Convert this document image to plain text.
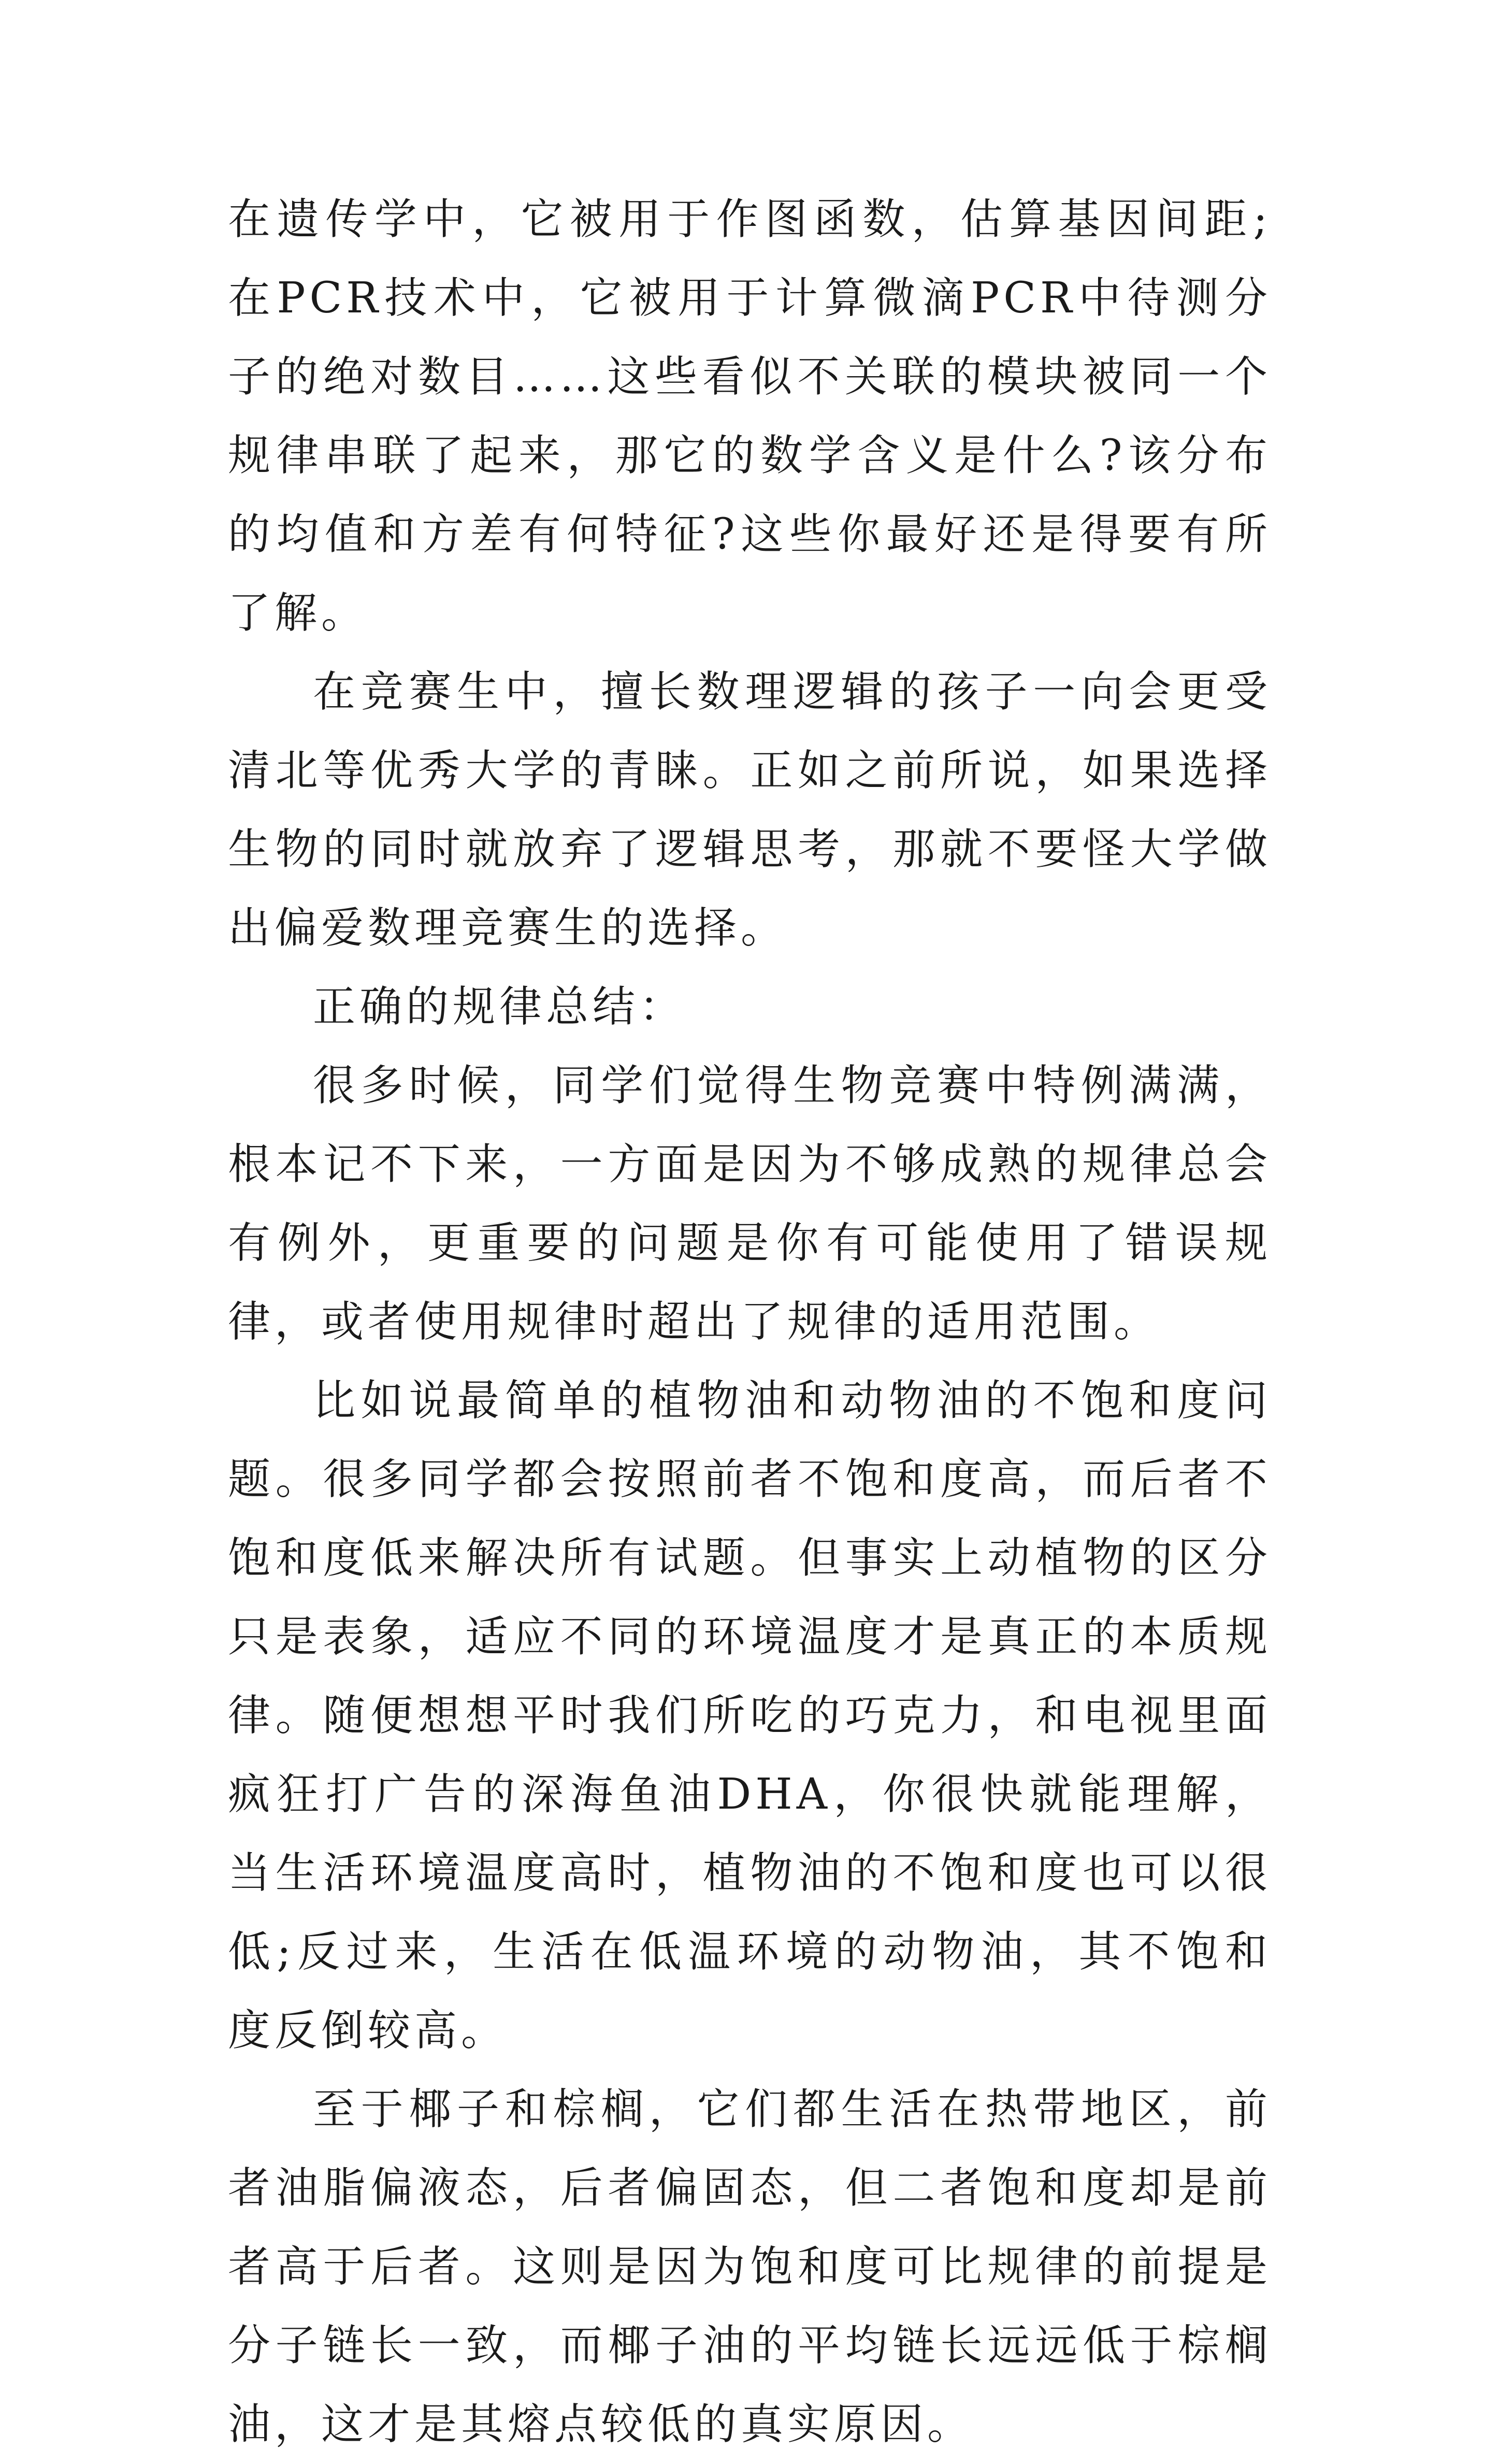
在遗传学中，它被用于作图函数，估算基因间距;在PCR技术中，它被用于计算微滴PCR中待测分子的绝对数目……这些看似不关联的模块被同一个规律串联了起来，那它的数学含义是什么?该分布的均值和方差有何特征?这些你最好还是得要有所了解。

在竞赛生中，擅长数理逻辑的孩子一向会更受清北等优秀大学的青睐。正如之前所说，如果选择生物的同时就放弃了逻辑思考，那就不要怪大学做出偏爱数理竞赛生的选择。

正确的规律总结：

很多时候，同学们觉得生物竞赛中特例满满，根本记不下来，一方面是因为不够成熟的规律总会有例外，更重要的问题是你有可能使用了错误规律，或者使用规律时超出了规律的适用范围。

比如说最简单的植物油和动物油的不饱和度问题。很多同学都会按照前者不饱和度高，而后者不饱和度低来解决所有试题。但事实上动植物的区分只是表象，适应不同的环境温度才是真正的本质规律。随便想想平时我们所吃的巧克力，和电视里面疯狂打广告的深海鱼油DHA，你很快就能理解，当生活环境温度高时，植物油的不饱和度也可以很低;反过来，生活在低温环境的动物油，其不饱和度反倒较高。

至于椰子和棕榈，它们都生活在热带地区，前者油脂偏液态，后者偏固态，但二者饱和度却是前者高于后者。这则是因为饱和度可比规律的前提是分子链长一致，而椰子油的平均链长远远低于棕榈油，这才是其熔点较低的真实原因。
